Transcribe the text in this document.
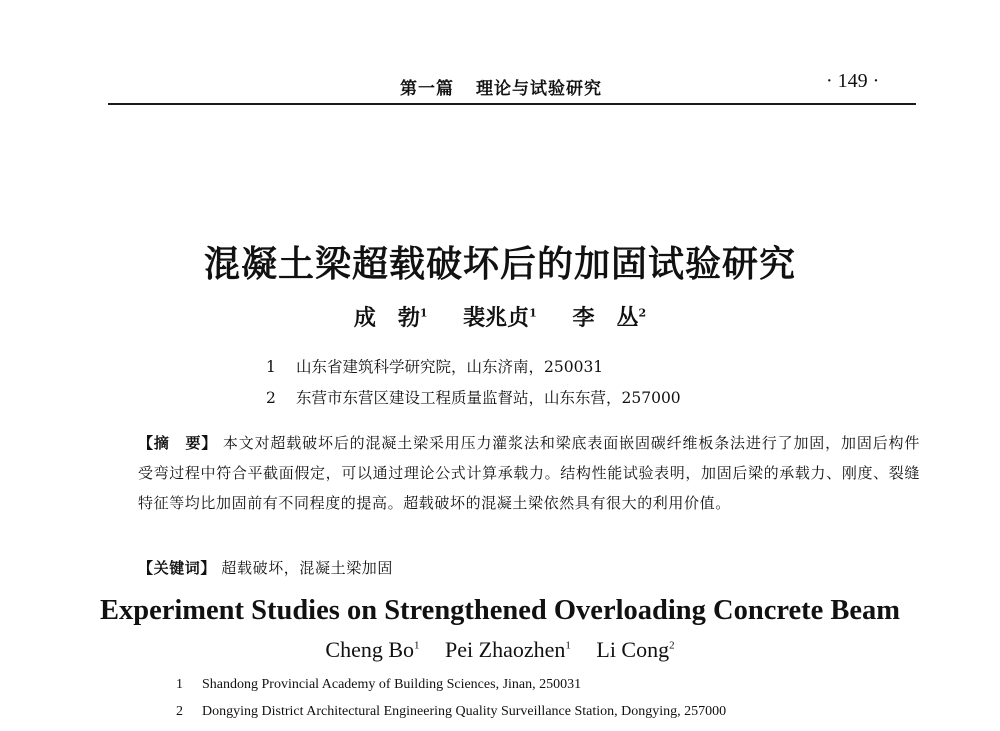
第一篇 理论与试验研究	· 149 ·
混凝土梁超载破坏后的加固试验研究
成　勃$^1$ 裴兆贞$^1$ 李　丛$^2$
1 山东省建筑科学研究院，山东济南，250031
2 东营市东营区建设工程质量监督站，山东东营，257000
【摘　要】 本文对超载破坏后的混凝土梁采用压力灌浆法和梁底表面嵌固碳纤维板条法进行了加固，加固后构件受弯过程中符合平截面假定，可以通过理论公式计算承载力。结构性能试验表明，加固后梁的承载力、刚度、裂缝特征等均比加固前有不同程度的提高。超载破坏的混凝土梁依然具有很大的利用价值。
【关键词】 超载破坏，混凝土梁加固
Experiment Studies on Strengthened Overloading Concrete Beam
Cheng Bo$^1$ Pei Zhaozhen$^1$ Li Cong$^2$
1 Shandong Provincial Academy of Building Sciences, Jinan, 250031
2 Dongying District Architectural Engineering Quality Surveillance Station, Dongying, 257000
